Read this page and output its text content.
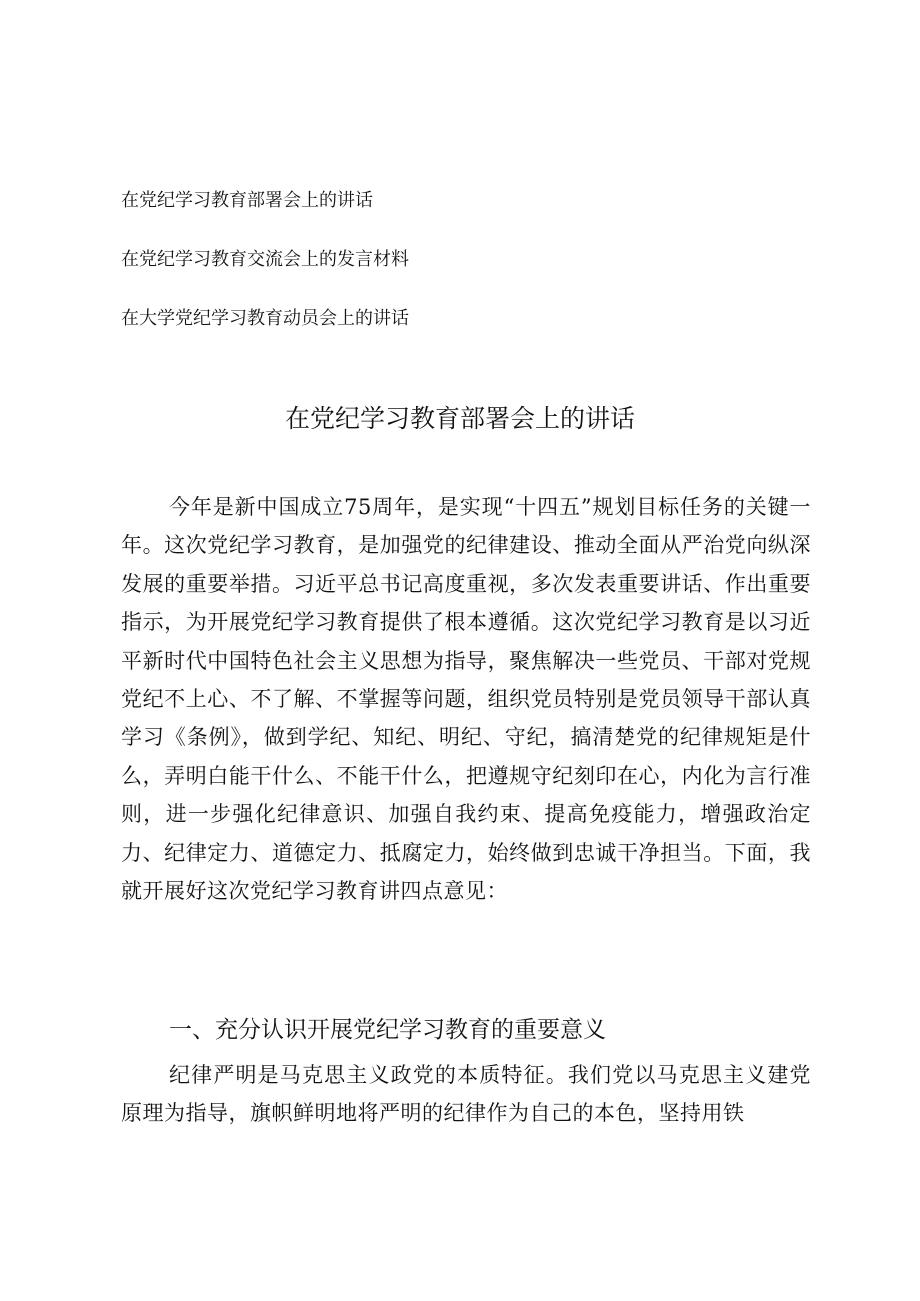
在党纪学习教育部署会上的讲话
在党纪学习教育交流会上的发言材料
在大学党纪学习教育动员会上的讲话
在党纪学习教育部署会上的讲话
今年是新中国成立75周年，是实现“十四五”规划目标任务的关键一年。这次党纪学习教育，是加强党的纪律建设、推动全面从严治党向纵深发展的重要举措。习近平总书记高度重视，多次发表重要讲话、作出重要指示，为开展党纪学习教育提供了根本遵循。这次党纪学习教育是以习近平新时代中国特色社会主义思想为指导，聚焦解决一些党员、干部对党规党纪不上心、不了解、不掌握等问题，组织党员特别是党员领导干部认真学习《条例》，做到学纪、知纪、明纪、守纪，搞清楚党的纪律规矩是什么，弄明白能干什么、不能干什么，把遵规守纪刻印在心，内化为言行准则，进一步强化纪律意识、加强自我约束、提高免疫能力，增强政治定力、纪律定力、道德定力、抵腐定力，始终做到忠诚干净担当。下面，我就开展好这次党纪学习教育讲四点意见：
一、充分认识开展党纪学习教育的重要意义
纪律严明是马克思主义政党的本质特征。我们党以马克思主义建党原理为指导，旗帜鲜明地将严明的纪律作为自己的本色，坚持用铁
